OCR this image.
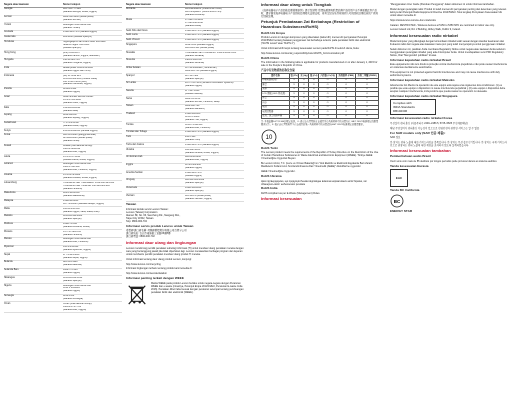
Negara atau kawasan	Nomor telepon
Georgia	995-706-777-826
(Bahasa Georgia, Rusia, Inggris)

Jerman	0800-500-4618 (bebas pulsa)
(Bahasa Jerman)

Yunani	Dukungan mitra bisnis IBM
(Bahasa Yunani)

Grenada	1-800-426-7378 (bahasa Inggris)

Guatemala	999-9190 (bahasa Spanyol)

Honduras	Tegucigalpa & San Pedro Sula: 232-4222
Seluruh negeri: 800-0123
(bahasa Spanyol)

Hong Kong	(852) 3516-8977
(Bahasa Kanton, Inggris, Mandarin)

Hungaria	+36-13-825-716
(Bahasa Hungaria, Inggris)

India	Bebas pulsa: 1800-419-4666
(Bahasa Inggris dan Hindi)

Indonesia	(62) 21 5238 823
001-803-606-282 (Khusus Lokal)
+60 3 8315 6859 (DID)
(Bahasa Indonesia, Inggris)

Irlandia	01-881-1444
(Bahasa Inggris)

Israel	Givat Shmuel Service Center:
+972-3-531-3900
(Bahasa Ibrani, Inggris)

Italia	+39-800-820094
(Bahasa Italia)

Jepang	0120-000-817
(Bahasa Jepang, Inggris)

Kazakhstan	77-273-231-427
(Bahasa Rusia, Inggris)

Kenya	254-20-4640050 (bahasa Inggris)

Korea	080-513-0880 (panggil kembali)
02-3483-2829 (bebas pulsa)
(Bahasa Korea)

Kuwait	Kuwait (International Group):
+965-2-4833332
(Bahasa Arab, Inggris)

Latvia	+371-6707-8031
(bahasa Latvia, Rusia, Inggris)

Lebanon	Dukungan mitra bisnis IBM
+961-1-510-102
(Bahasa Arab, Perancis, Inggris)

Lituania	+370-5278-6602
(Bahasa Lituania, Rusia, Inggris)

Luksemburg	ThinkServer dan ThinkStation: +352-360-385-343
ThinkCentre dan ThinkPad: 352-360-385-222
(Bahasa Perancis)

Makedonia	389-2-3103-000
(Bahasa Makedonia)

Malaysia	1-800-88-0013
03-7724-8023 (Bahasa Melayu, Inggris)

Malta	356-21-445-566
(Bahasa Inggris, Italia, Malta, Arab)

Meksiko	001-866-434-2080
(Bahasa Spanyol)

Moldova	0-800-70-032
(Bahasa Rumania, Rusia)

Monaco	+377-97-980-555
(Bahasa Perancis)

Maroko	Dukungan mitra bisnis IBM
(Bahasa Arab, Perancis)

Myanmar	+95-1-254-244
(Bahasa Myanmar, Inggris)

Nepal	977-1-423-3031
(Bahasa Nepal, Inggris)

Belanda	020-513-5960
(Bahasa Belanda)

Selandia Baru	0508-770-506
(Bahasa Inggris)

Nikaragua	001-800-220-1830
(Bahasa Spanyol)

Nigeria	Dukungan mitra bisnis IBM
+234 1 4610320
(Bahasa Inggris)

Norwegia	8152-1550
(Bahasa Norwegia)

Oman	Oman (International Group):
+968-24-797-789
(Bahasa Arab, Inggris)
Negara atau kawasan	Nomor telepon
Romania	MB Distributors: (+4021-231-79-86)
MB Computers: (+4021-204-07-34)
(Bahasa Rumania)

Rusia	+7-499-705-6204
+7-495-240-8558
(Bahasa Rusia)

Saint Kitts dan Nevis	1-800-426-7378 (bahasa Inggris)

Saint Lucia	1-800-426-7378 (bahasa Inggris)

Saint Vincent	1-800-426-7378 (bahasa Inggris)

Singapura	6818-5315 (Bahasa Inggris)
800-6011-343 (bebas pulsa)

Slovakia	ThinkStation dan ThinkServer: +421-2-4954-5555
(Bahasa Slovakia)

Slovenia	+386-1-2005-60
(Bahasa Slovenia)

Afrika Selatan	+27-11-3028888 (ThinkServer)
0800-110-756 (bahasa Inggris)

Spanyol	91-714-7983
(Bahasa Spanyol)

Sri Lanka	9477-7357-123 (Sumathi Information Systems)
(Bahasa Inggris)

Swedia	077-117-1040
(bahasa Swedia)

Swiss	0800-55-54-54
(Bahasa Jerman, Perancis, Italia)

Taiwan	0800-000-702
(Bahasa Mandarin)

Thailand	1-800-060-066
66 2273 4088
(Bahasa Thai, Inggris)

Tunisia	+216-71-191-111
(Bahasa Arab, Perancis)

Trinidad dan Tobago	1-800-426-7378 (bahasa Inggris)

Turki	444 0 426
(Bahasa Turki)

Turks dan Caicos	1-800-426-7378 (bahasa Inggris)

Ukraina	044-362-42-81
(Bahasa Ukraina, Rusia, Inggris)

Uni Emirat Arab	800-0444-6666
(Bahasa Arab, Inggris)

Inggris	03705-500-900
(Bahasa Inggris)

Amerika Serikat	1-800-426-7378
(bahasa Inggris)

Uruguay	000-411-005-6649
(Bahasa Spanyol)

Venezuela	0-800-100-2011
(Bahasa Spanyol)

Vietnam	120-11072 (bebas pulsa)
(Bahasa Vietnam, Inggris)
Taiwan
Informasi kontak servis Lenovo Taiwan:
Lenovo (Taiwan) Corporation
Alamat: 8F, No. 66, Sanchong Rd., Nangang Dist.,
Taipei City 11502, Taiwan
Telp: 0800-000-702
Informasi servis produk Lenovo untuk Taiwan
委製商/進口商名稱: 荷蘭商聯想股份有限公司台灣分公司
進口商地址: 台北市南港區三重路66號8樓
進口商電話: 0800-000-702
Informasi daur ulang dan lingkungan

Lenovo mendorong pemilik peralatan teknologi informasi (TI) untuk mendaur ulang peralatan mereka dengan cara yang bertanggung jawab jika tidak diperlukan lagi. Lenovo menawarkan berbagai program dan layanan untuk membantu pemilik peralatan mendaur ulang produk TI mereka.

Untuk informasi tentang daur ulang produk Lenovo, kunjungi:

http://www.lenovo.com/recycling

Informasi lingkungan terbaru tentang produk kami tersedia di:

http://www.lenovo.com/ecodeclaration

Informasi penting terkait dengan WEEE

Marka WEEE pada produk Lenovo berlaku untuk negara-negara dengan Peraturan WEEE dan e-waste (misalnya, Petunjuk Eropa 2012/19/EU, Peraturan E-waste India 2016). Peralatan diberi label sesuai dengan peraturan setempat tentang pembuangan peralatan listrik dan elektronik (WEEE).

Informasi daur ulang untuk Tiongkok

《废弃电器电子产品回收处理管理条例》提示性说明: 联想鼓励拥有联想品牌产品的用户当不再需要此类产品时，遵守国家废弃电器电子产品回收处理相关法律法规，将其交给当地具有国家认可的回收处理资质的厂商进行回收处理。

Petunjuk Pembatasan Zat Berbahaya (Restriction of Hazardous Substances/RoHS)
RoHS Uni Eropa

Produk Lenovo ini dengan komponen yang disertakan (kabel dll.) memenuhi persyaratan Petunjuk 2011/65/EU tentang batasan penggunaan zat berbahaya tertentu pada peralatan listrik dan elektronik ("RoHS recast" atau "RoHS 2").

Untuk informasi lebih lanjut tentang kesesuaian Lenovo pada RoHS di seluruh dunia, buka:

http://www.lenovo.com/social_responsibility/us/en/RoHS_Communication.pdf

RoHS China

The information in the following table is applicable for products manufactured on or after January 1, 2015 for sale in the People's Republic of China.

产品中有害物质的名称及含量
部件名称	铅 (Pb)	汞 (Hg)	镉 (Cd)	六价铬 (Cr(VI))	多溴联苯 (PBB)	多溴二苯醚 (PBDE)
印刷电路板组件	X	O	O	O	O	O
硬盘	X	O	O	O	O	O
光驱	X	O	O	O	O	O
LCD 面板 (LED 背光源)	X	O	O	O	O	O
键盘	X	O	O	O	O	O
内存	X	O	O	O	O	O
电池	X	O	O	O	O	O
电源适配器	X	O	O	O	O	O
底壳、顶盖和扬声器	X	O	O	O	O	O

注: 本表依据SJ/T 11364的规定编制。O: 表示该有害物质在该部件所有均质材料中的含量均在 GB/T 26572标准规定的限量要求以下。X: 表示该有害物质至少在该部件的某一均质材料中的含量超出GB/T 26572标准规定的限量要求。

10
RoHS Turki

The Lenovo product meets the requirements of the Republic of Turkey Directive on the Restriction of the Use of Certain Hazardous Substances in Waste Electrical and Electronic Equipment (WEEE). Türkiye AEEE Yönetmeliğine Uygunluk Beyanı

Bu Lenovo ürünü, T.C. Çevre ve Orman Bakanlığı'nın "Atık Elektrik ve Elektronik Eşyalarda Bazı Zararlı Maddelerin Kullanımının Sınırlandırılmasına Dair Yönetmelik (AEEE)" direktiflerine uygundur.

AEEE Yönetmeliğine Uygundur.

RoHS Ukraina

Цим підтверджуємо, що продукція Леново відповідає вимогам нормативних актів України, які обмежують вміст небезпечних речовин

RoHS India

RoHS compliant as per E-Waste (Management) Rules.

Informasi kesesuaian

"Menggunakan Ucer Guide (Panduan Pengguna)" dalam dokumen ini untuk informasi tambahan.

Model dengan perangkat radio: Produk ini telah memenuhi persyaratan penting dan ketentuan yang relevan lainnya dari Petunjuk Radio Equipment Directive 2014/53/EU. Teks lengkap Pernyataan Kesesuaian UE untuk sistem tersedia di:

https://www.lenovo.com/eu-doc-notebooks

Catatan: RESTRICTED - Wireless devices at 5150 to 5350 MHz are restricted to indoor use only.

Lenovo Ireland Ltd, Rd. 2 Building, Abbey Walk, Dublin 9, Ireland.

Informasi kesesuaian radio nirkabel

Model komputer yang dilengkapi dengan komunikasi nirkabel telah sesuai dengan standar keamanan dan frekuensi radio dari negara atau kawasan mana pun yang telah menyetujuinya untuk penggunaan nirkabel.

Selain dokumen ini, pastikan Anda membaca Regulatory Notice untuk negara atau kawasan Anda sebelum menggunakan perangkat nirkabel yang ada di komputer Anda. Untuk mendapatkan versi PDF Regulatory Notice, lihat "Mengunduh publikasi" di atas.

Informasi kepatuhan radio nirkabel Brasil

Este equipamento não tem direito à proteção contra interferência prejudicial e não pode causar interferência em sistemas devidamente autorizados.

This equipment is not protected against harmful interference and may not cause interference with duly authorized systems.

Informasi kepatuhan radio nirkabel Meksiko

Advertencia: En Mexico la operación de este equipo está sujeta a las siguientes dos condiciones: (1) es posible que este equipo o dispositivo no cause interferencia perjudicial y (2) este equipo o dispositivo debe aceptar cualquier interferencia, incluyendo la que pueda causar su operación no deseada.

Informasi kepatuhan radio nirkabel Singapura
Complies with
IMDA Standards
DB102306
Informasi kesesuaian radio nirkabel Korea

무선설비 전파 혼신 (사용주파수 2400~2483.5, 5725~5825 무선제품해당)

해당 무선설비가 전파혼신 가능성이 있으므로 인명안전과 관련된 서비스는 할 수 없음

For SAR models only (SAR 인증 제품):

SAR 정보

본 장치는 전파 노출에 대한 가이드라인을 충족합니다. 본 장치는 무선 송수신기입니다. 본 장치는 국제 가이드라인으로 권장되는 전파 노출에 대한 제한을 초과하지 않도록 설계되었습니다.

Informasi kesesuaian tambahan
Pemberitahuan audio Brazil

Ouvir sons com mais de 85 decibéis por longos períodos pode provocar danos ao sistema auditivo.

Tanda kesesuaian Eurasia
EAC
Tanda BC California
BC
ENERGY STAR
